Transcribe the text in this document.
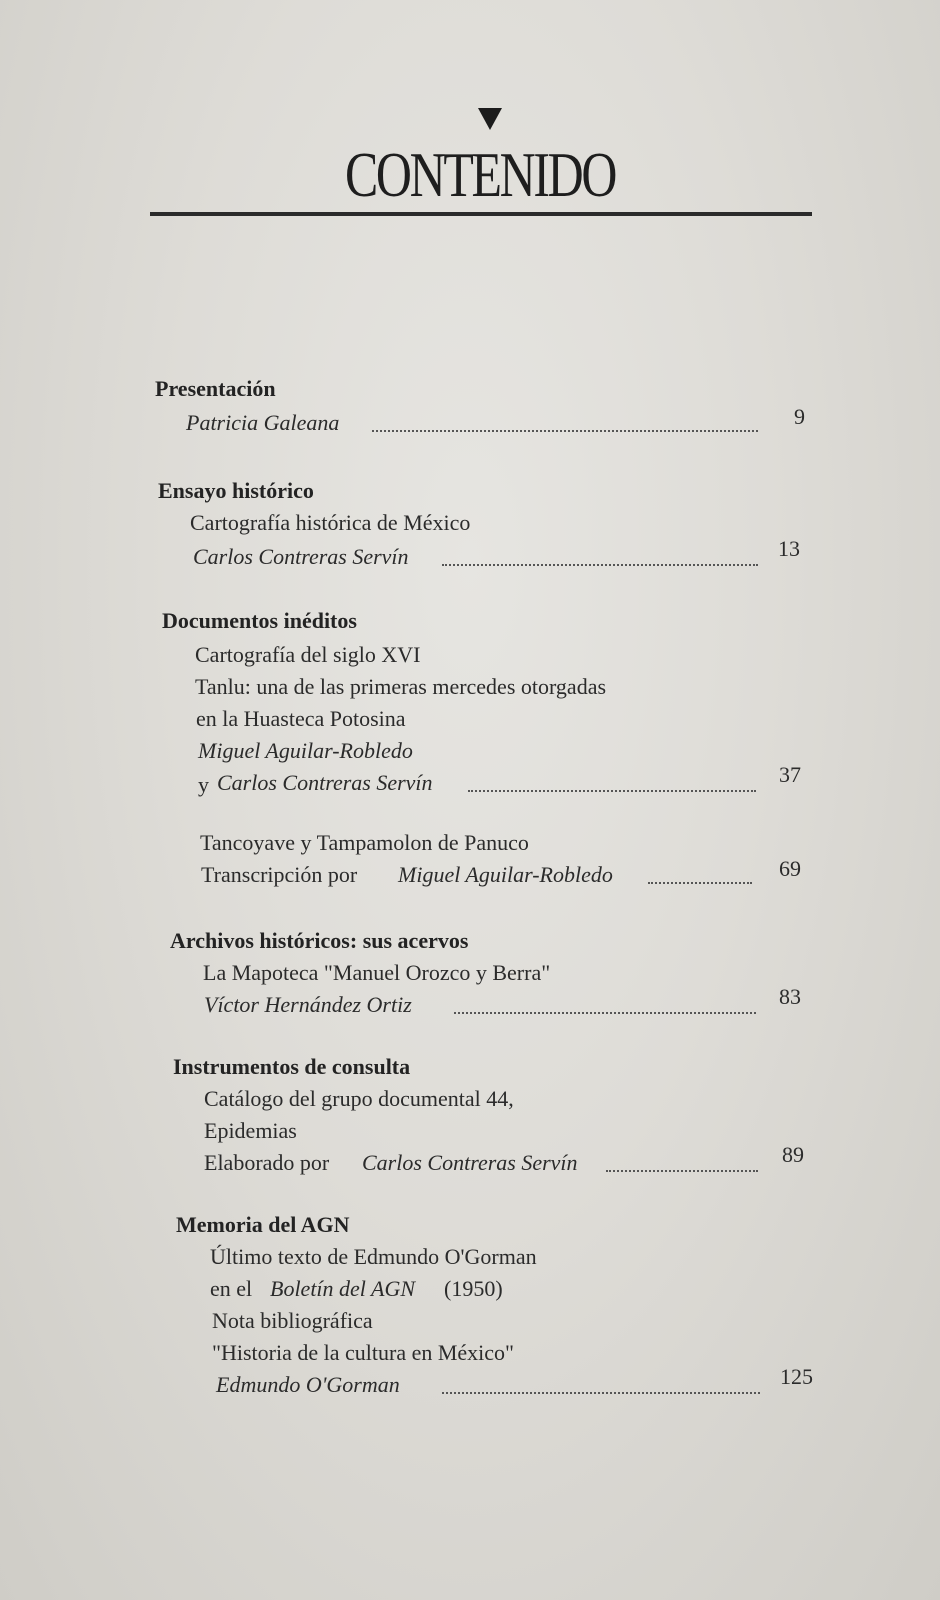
CONTENIDO
Presentación
Patricia Galeana	9
Ensayo histórico
Cartografía histórica de México
Carlos Contreras Servín	13
Documentos inéditos
Cartografía del siglo XVI
Tanlu: una de las primeras mercedes otorgadas
en la Huasteca Potosina
Miguel Aguilar-Robledo
y Carlos Contreras Servín	37
Tancoyave y Tampamolon de Panuco
Transcripción por Miguel Aguilar-Robledo	69
Archivos históricos: sus acervos
La Mapoteca "Manuel Orozco y Berra"
Víctor Hernández Ortiz	83
Instrumentos de consulta
Catálogo del grupo documental 44,
Epidemias
Elaborado por Carlos Contreras Servín	89
Memoria del AGN
Último texto de Edmundo O'Gorman
en el Boletín del AGN (1950)
Nota bibliográfica
"Historia de la cultura en México"
Edmundo O'Gorman	125
